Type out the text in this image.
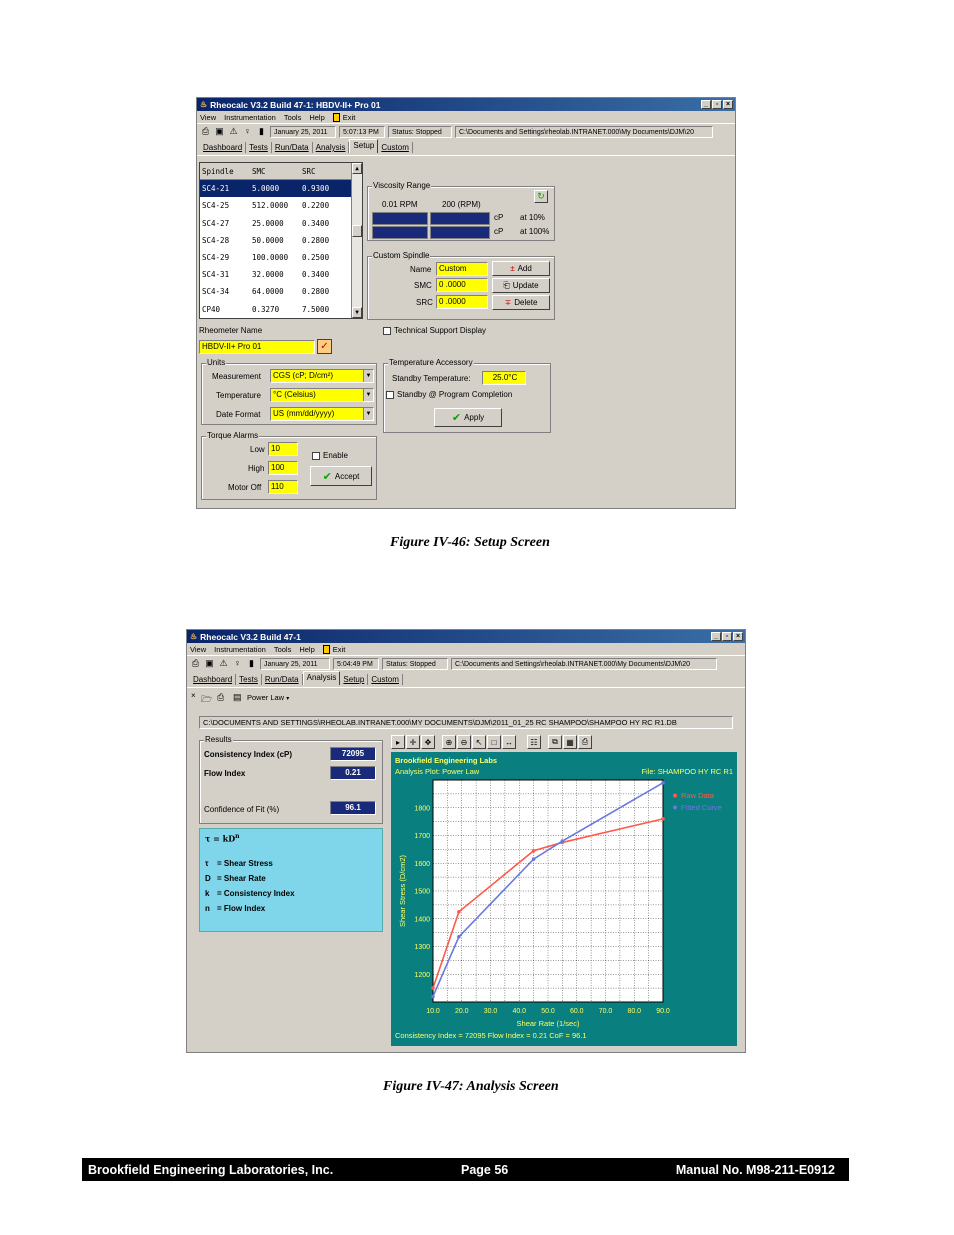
♨ Rheocalc V3.2 Build 47-1: HBDV-II+ Pro 01	_	▫	×
View Instrumentation Tools Help Exit
⎙ ▣ ⚠ ♀ ▮	January 25, 2011	5:07:13 PM	Status: Stopped	C:\Documents and Settings\rheolab.INTRANET.000\My Documents\DJM\20
Dashboard Tests Run/Data Analysis	Setup Custom
Spindle	SMC	SRC
SC4-21	5.0000	0.9300
SC4-25	512.0000	0.2200
SC4-27	25.0000	0.3400
SC4-28	50.0000	0.2800
SC4-29	100.0000	0.2500
SC4-31	32.0000	0.3400
SC4-34	64.0000	0.2800
CP40	0.3270	7.5000
▲
▼
Viscosity Range
↻
0.01 RPM	200 (RPM)
cP at 10%
cP at 100%
Custom Spindle
Name Custom
SMC 0 .0000
SRC 0 .0000
± Add
⎗ Update
∓ Delete
Rheometer Name
HBDV-II+ Pro 01	✓
Technical Support Display
Units
Measurement	CGS (cP; D/cm²)	▼
Temperature	°C (Celsius)	▼
Date Format	US (mm/dd/yyyy)	▼
Temperature Accessory
Standby Temperature:	25.0°C
Standby @ Program Completion
✔ Apply
Torque Alarms
Low 10
High 100
Motor Off	110
Enable
✔ Accept
Figure IV-46: Setup Screen
♨ Rheocalc V3.2 Build 47-1	_	▫	×
View Instrumentation Tools Help Exit
⎙ ▣ ⚠ ♀ ▮	January 25, 2011	5:04:49 PM	Status: Stopped	C:\Documents and Settings\rheolab.INTRANET.000\My Documents\DJM\20
Dashboard Tests Run/Data	Analysis Setup Custom
× 🗁 ⎙ ▤ Power Law ▾
C:\DOCUMENTS AND SETTINGS\RHEOLAB.INTRANET.000\MY DOCUMENTS\DJM\2011_01_25 RC SHAMPOO\SHAMPOO HY RC R1.DB
Results
Consistency Index (cP)	72095
Flow Index	0.21
Confidence of Fit (%)	96.1
$\tau = kD^n$
τ = Shear Stress
D = Shear Rate
k = Consistency Index
n = Flow Index
▸	✛	✥	⊕	⊖	↖	□	↔	☷	⧉	▦	⎙
Brookfield Engineering Labs
Analysis Plot: Power Law	File: SHAMPOO HY RC R1
10.0 20.0 30.0 40.0 50.0 60.0 70.0 80.0 90.0
1200
1300
1400
1500
1600
1700
1800
Raw Data
Fitted Curve
Shear Stress (D/cm2)
Shear Rate (1/sec)
Consistency Index = 72095 Flow Index = 0.21 CoF = 96.1
Figure IV-47: Analysis Screen
Brookfield Engineering Laboratories, Inc.	Page 56	Manual No. M98-211-E0912
